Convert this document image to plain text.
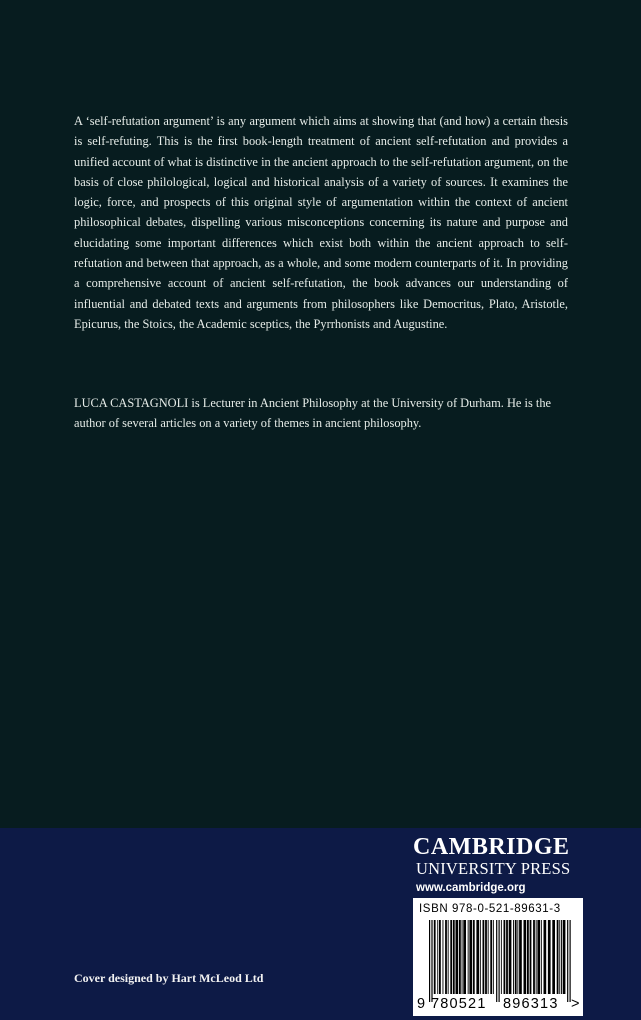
A ‘self-refutation argument’ is any argument which aims at showing that (and how) a certain thesis is self-refuting. This is the first book-length treatment of ancient self-refutation and provides a unified account of what is distinctive in the ancient approach to the self-refutation argument, on the basis of close philological, logical and historical analysis of a variety of sources. It examines the logic, force, and prospects of this original style of argumentation within the context of ancient philosophical debates, dispelling various misconceptions concerning its nature and purpose and elucidating some important differences which exist both within the ancient approach to self-refutation and between that approach, as a whole, and some modern counterparts of it. In providing a comprehensive account of ancient self-refutation, the book advances our understanding of influential and debated texts and arguments from philosophers like Democritus, Plato, Aristotle, Epicurus, the Stoics, the Academic sceptics, the Pyrrhonists and Augustine.

LUCA CASTAGNOLI is Lecturer in Ancient Philosophy at the University of Durham. He is the author of several articles on a variety of themes in ancient philosophy.

Cover designed by Hart McLeod Ltd

CAMBRIDGE
UNIVERSITY PRESS
www.cambridge.org
ISBN 978-0-521-89631-3
9 780521 896313 >
